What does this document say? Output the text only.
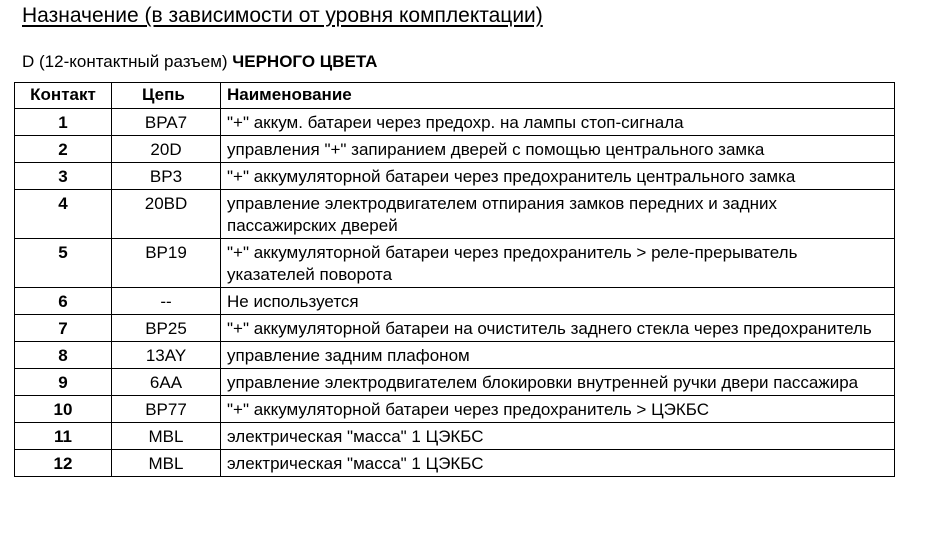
Назначение (в зависимости от уровня комплектации)
D (12-контактный разъем) ЧЕРНОГО ЦВЕТА
Контакт	Цепь	Наименование
1	BPA7	"+" аккум. батареи через предохр. на лампы стоп-сигнала
2	20D	управления "+" запиранием дверей с помощью центрального замка
3	BP3	"+" аккумуляторной батареи через предохранитель центрального замка
4	20BD	управление электродвигателем отпирания замков передних и задних пассажирских дверей
5	BP19	"+" аккумуляторной батареи через предохранитель > реле-прерыватель указателей поворота
6	--	Не используется
7	BP25	"+" аккумуляторной батареи на очиститель заднего стекла через предохранитель
8	13AY	управление задним плафоном
9	6AA	управление электродвигателем блокировки внутренней ручки двери пассажира
10	BP77	"+" аккумуляторной батареи через предохранитель > ЦЭКБС
11	MBL	электрическая "масса" 1 ЦЭКБС
12	MBL	электрическая "масса" 1 ЦЭКБС
